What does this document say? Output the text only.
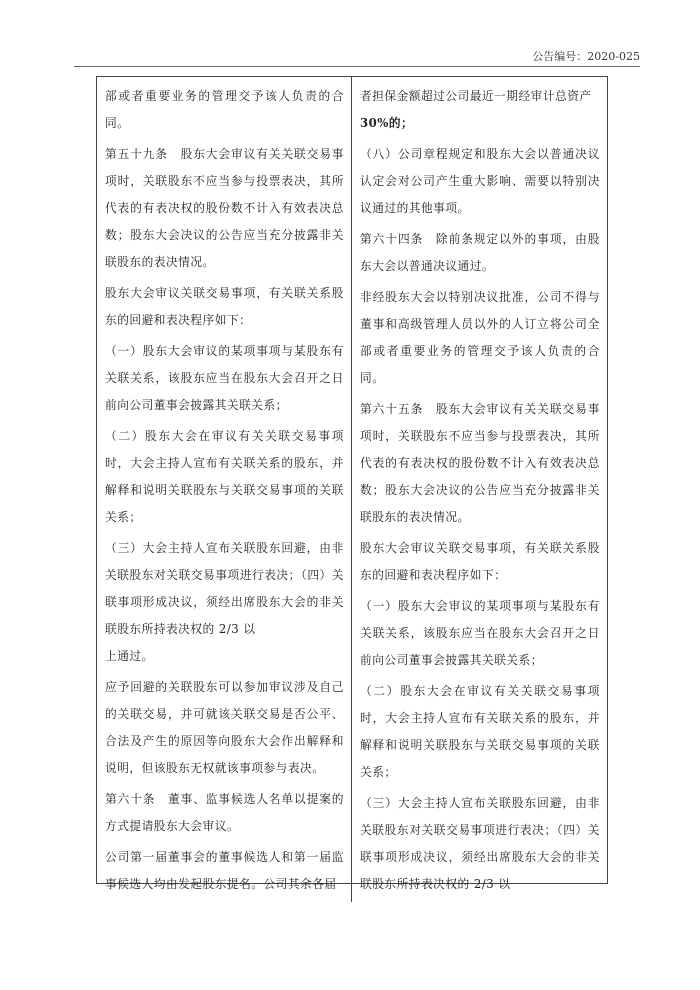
公告编号：2020-025

部或者重要业务的管理交予该人负责的合同。

第五十九条　股东大会审议有关关联交易事项时，关联股东不应当参与投票表决，其所代表的有表决权的股份数不计入有效表决总数；股东大会决议的公告应当充分披露非关联股东的表决情况。

股东大会审议关联交易事项，有关联关系股东的回避和表决程序如下：

（一）股东大会审议的某项事项与某股东有关联关系，该股东应当在股东大会召开之日前向公司董事会披露其关联关系；

（二）股东大会在审议有关关联交易事项时，大会主持人宣布有关联关系的股东，并解释和说明关联股东与关联交易事项的关联关系；

（三）大会主持人宣布关联股东回避，由非关联股东对关联交易事项进行表决；（四）关联事项形成决议，须经出席股东大会的非关联股东所持表决权的 2/3 以

上通过。

应予回避的关联股东可以参加审议涉及自己的关联交易，并可就该关联交易是否公平、合法及产生的原因等向股东大会作出解释和说明，但该股东无权就该事项参与表决。

第六十条　董事、监事候选人名单以提案的方式提请股东大会审议。

公司第一届董事会的董事候选人和第一届监事候选人均由发起股东提名。公司其余各届

者担保金额超过公司最近一期经审计总资产

30%的；

（八）公司章程规定和股东大会以普通决议认定会对公司产生重大影响、需要以特别决议通过的其他事项。

第六十四条　除前条规定以外的事项，由股东大会以普通决议通过。

非经股东大会以特别决议批准，公司不得与董事和高级管理人员以外的人订立将公司全部或者重要业务的管理交予该人负责的合同。

第六十五条　股东大会审议有关关联交易事项时，关联股东不应当参与投票表决，其所代表的有表决权的股份数不计入有效表决总数；股东大会决议的公告应当充分披露非关联股东的表决情况。

股东大会审议关联交易事项，有关联关系股东的回避和表决程序如下：

（一）股东大会审议的某项事项与某股东有关联关系，该股东应当在股东大会召开之日前向公司董事会披露其关联关系；

（二）股东大会在审议有关关联交易事项时，大会主持人宣布有关联关系的股东，并解释和说明关联股东与关联交易事项的关联关系；

（三）大会主持人宣布关联股东回避，由非关联股东对关联交易事项进行表决；（四）关联事项形成决议，须经出席股东大会的非关联股东所持表决权的 2/3 以
